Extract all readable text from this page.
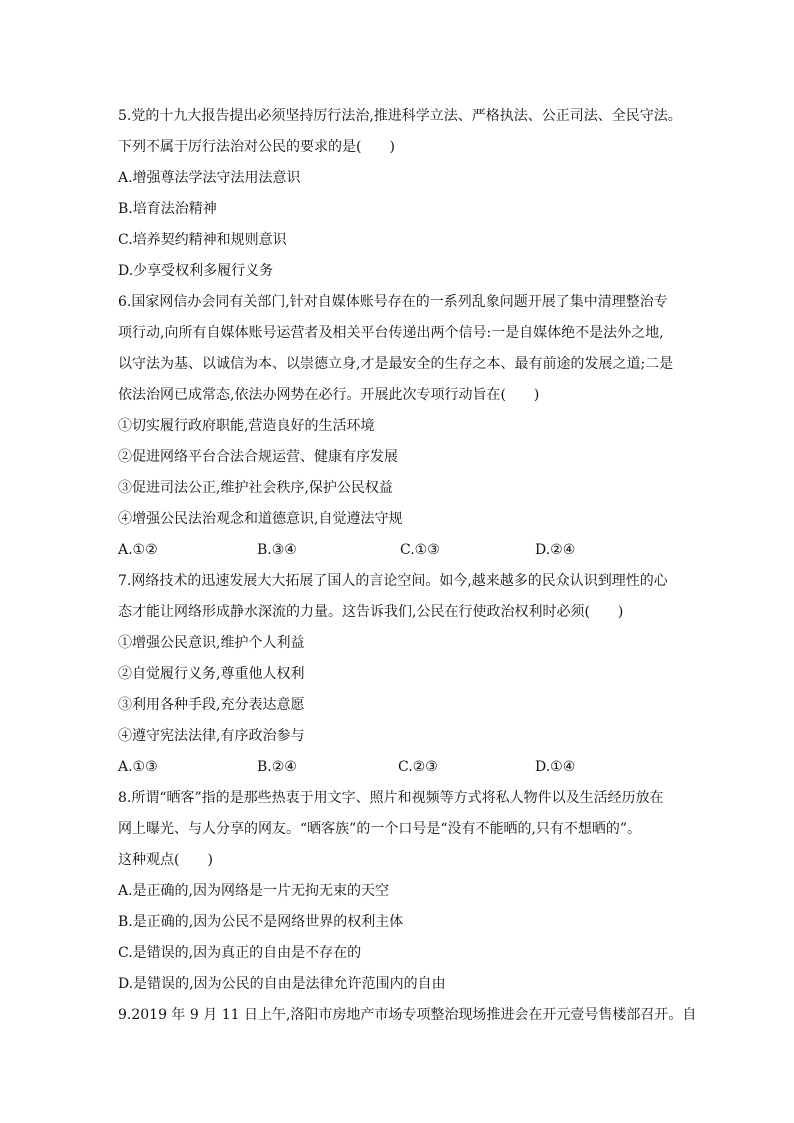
5.党的十九大报告提出必须坚持厉行法治,推进科学立法、严格执法、公正司法、全民守法。
下列不属于厉行法治对公民的要求的是(　　)
A.增强尊法学法守法用法意识
B.培育法治精神
C.培养契约精神和规则意识
D.少享受权利多履行义务
6.国家网信办会同有关部门,针对自媒体账号存在的一系列乱象问题开展了集中清理整治专
项行动,向所有自媒体账号运营者及相关平台传递出两个信号:一是自媒体绝不是法外之地,
以守法为基、以诚信为本、以崇德立身,才是最安全的生存之本、最有前途的发展之道;二是
依法治网已成常态,依法办网势在必行。开展此次专项行动旨在(　　)
①切实履行政府职能,营造良好的生活环境
②促进网络平台合法合规运营、健康有序发展
③促进司法公正,维护社会秩序,保护公民权益
④增强公民法治观念和道德意识,自觉遵法守规
A.①②	B.③④	C.①③	D.②④
7.网络技术的迅速发展大大拓展了国人的言论空间。如今,越来越多的民众认识到理性的心
态才能让网络形成静水深流的力量。这告诉我们,公民在行使政治权利时必须(　　)
①增强公民意识,维护个人利益
②自觉履行义务,尊重他人权利
③利用各种手段,充分表达意愿
④遵守宪法法律,有序政治参与
A.①③	B.②④	C.②③	D.①④
8.所谓“晒客”指的是那些热衷于用文字、照片和视频等方式将私人物件以及生活经历放在
网上曝光、与人分享的网友。“晒客族”的一个口号是“没有不能晒的,只有不想晒的”。
这种观点(　　)
A.是正确的,因为网络是一片无拘无束的天空
B.是正确的,因为公民不是网络世界的权利主体
C.是错误的,因为真正的自由是不存在的
D.是错误的,因为公民的自由是法律允许范围内的自由
9.2019 年 9 月 11 日上午,洛阳市房地产市场专项整治现场推进会在开元壹号售楼部召开。自
